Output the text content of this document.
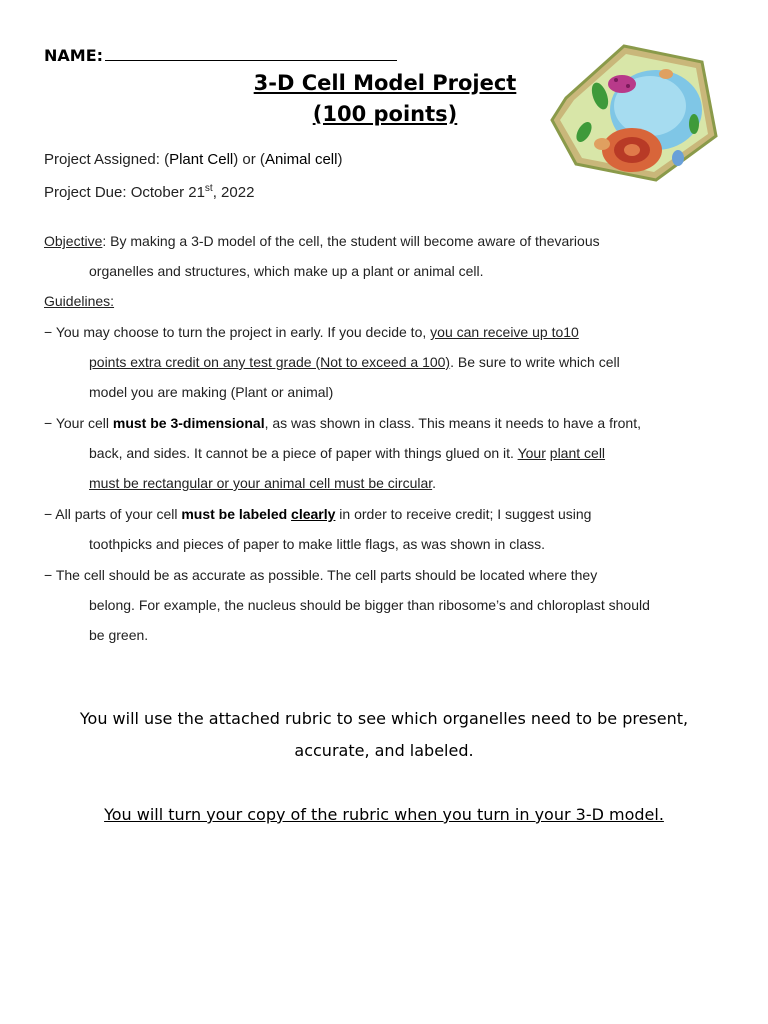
NAME:
3-D Cell Model Project
(100 points)
Project Assigned: (Plant Cell) or (Animal cell)
Project Due: October 21st, 2022
Objective: By making a 3-D model of the cell, the student will become aware of thevarious
organelles and structures, which make up a plant or animal cell.
Guidelines:
− You may choose to turn the project in early. If you decide to, you can receive up to10
points extra credit on any test grade (Not to exceed a 100). Be sure to write which cell
model you are making (Plant or animal)
− Your cell must be 3-dimensional, as was shown in class. This means it needs to have a front,
back, and sides. It cannot be a piece of paper with things glued on it. Your plant cell
must be rectangular or your animal cell must be circular.
− All parts of your cell must be labeled clearly in order to receive credit; I suggest using
toothpicks and pieces of paper to make little flags, as was shown in class.
− The cell should be as accurate as possible. The cell parts should be located where they
belong. For example, the nucleus should be bigger than ribosome’s and chloroplast should
be green.
You will use the attached rubric to see which organelles need to be present,
accurate, and labeled.
You will turn your copy of the rubric when you turn in your 3-D model.
